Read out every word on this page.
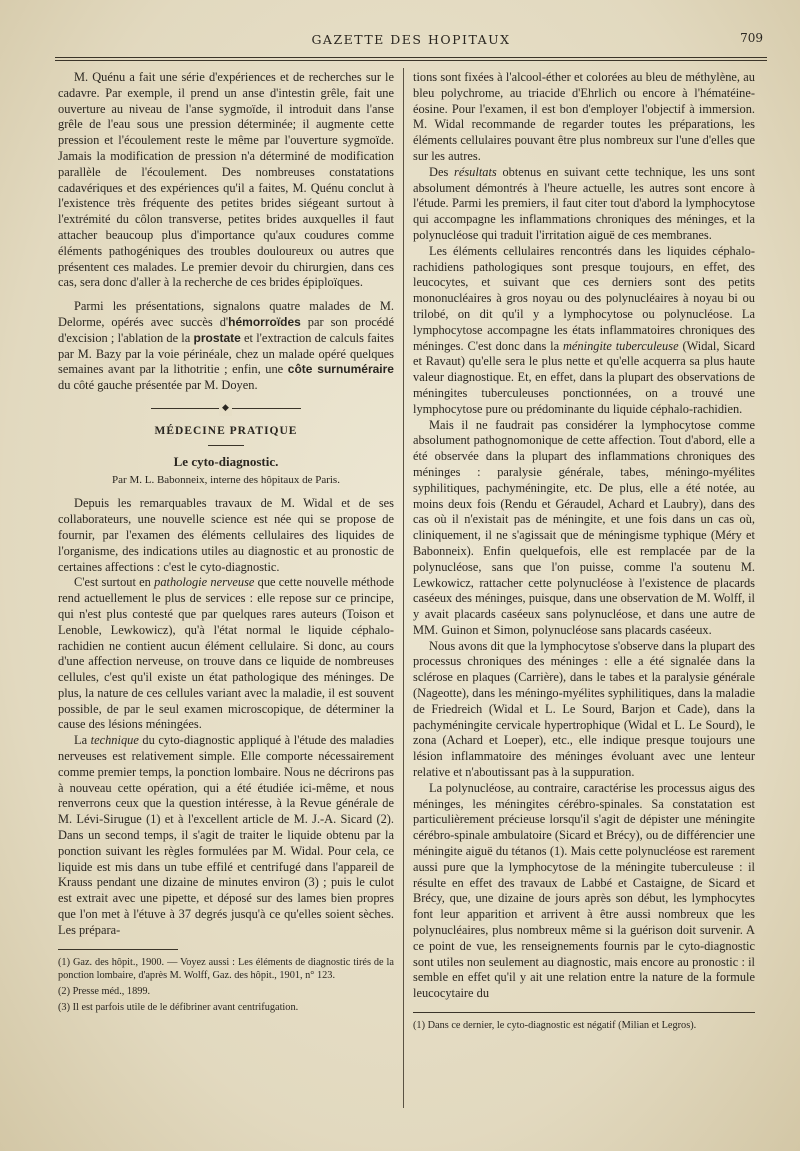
GAZETTE DES HOPITAUX	709

M. Quénu a fait une série d'expériences et de recherches sur le cadavre. Par exemple, il prend un anse d'intestin grêle, fait une ouverture au niveau de l'anse sygmoïde, il introduit dans l'anse grêle de l'eau sous une pression déterminée; il augmente cette pression et l'écoulement reste le même par l'ouverture sygmoïde. Jamais la modification de pression n'a déterminé de modification parallèle de l'écoulement. Des nombreuses constatations cadavériques et des expériences qu'il a faites, M. Quénu conclut à l'existence très fréquente des petites brides siégeant surtout à l'extrémité du côlon transverse, petites brides auxquelles il faut attacher beaucoup plus d'importance qu'aux coudures comme éléments pathogéniques des troubles douloureux ou autres que présentent ces malades. Le premier devoir du chirurgien, dans ces cas, sera donc d'aller à la recherche de ces brides épiploïques.

Parmi les présentations, signalons quatre malades de M. Delorme, opérés avec succès d'hémorroïdes par son procédé d'excision ; l'ablation de la prostate et l'extraction de calculs faites par M. Bazy par la voie périnéale, chez un malade opéré quelques semaines avant par la lithotritie ; enfin, une côte surnuméraire du côté gauche présentée par M. Doyen.

◆
MÉDECINE PRATIQUE
Le cyto-diagnostic.
Par M. L. Babonneix, interne des hôpitaux de Paris.

Depuis les remarquables travaux de M. Widal et de ses collaborateurs, une nouvelle science est née qui se propose de fournir, par l'examen des éléments cellulaires des liquides de l'organisme, des indications utiles au diagnostic et au pronostic de certaines affections : c'est le cyto-diagnostic.

C'est surtout en pathologie nerveuse que cette nouvelle méthode rend actuellement le plus de services : elle repose sur ce principe, qui n'est plus contesté que par quelques rares auteurs (Toison et Lenoble, Lewkowicz), qu'à l'état normal le liquide céphalo-rachidien ne contient aucun élément cellulaire. Si donc, au cours d'une affection nerveuse, on trouve dans ce liquide de nombreuses cellules, c'est qu'il existe un état pathologique des méninges. De plus, la nature de ces cellules variant avec la maladie, il est souvent possible, de par le seul examen microscopique, de déterminer la cause des lésions méningées.

La technique du cyto-diagnostic appliqué à l'étude des maladies nerveuses est relativement simple. Elle comporte nécessairement comme premier temps, la ponction lombaire. Nous ne décrirons pas à nouveau cette opération, qui a été étudiée ici-même, et nous renverrons ceux que la question intéresse, à la Revue générale de M. Lévi-Sirugue (1) et à l'excellent article de M. J.-A. Sicard (2). Dans un second temps, il s'agit de traiter le liquide obtenu par la ponction suivant les règles formulées par M. Widal. Pour cela, ce liquide est mis dans un tube effilé et centrifugé dans l'appareil de Krauss pendant une dizaine de minutes environ (3) ; puis le culot est extrait avec une pipette, et déposé sur des lames bien propres que l'on met à l'étuve à 37 degrés jusqu'à ce qu'elles soient sèches. Les prépara-

(1) Gaz. des hôpit., 1900. — Voyez aussi : Les éléments de diagnostic tirés de la ponction lombaire, d'après M. Wolff, Gaz. des hôpit., 1901, n° 123.

(2) Presse méd., 1899.

(3) Il est parfois utile de le défibriner avant centrifugation.

tions sont fixées à l'alcool-éther et colorées au bleu de méthylène, au bleu polychrome, au triacide d'Ehrlich ou encore à l'hématéine-éosine. Pour l'examen, il est bon d'employer l'objectif à immersion. M. Widal recommande de regarder toutes les préparations, les éléments cellulaires pouvant être plus nombreux sur l'une d'elles que sur les autres.

Des résultats obtenus en suivant cette technique, les uns sont absolument démontrés à l'heure actuelle, les autres sont encore à l'étude. Parmi les premiers, il faut citer tout d'abord la lymphocytose qui accompagne les inflammations chroniques des méninges, et la polynucléose qui traduit l'irritation aiguë de ces membranes.

Les éléments cellulaires rencontrés dans les liquides céphalo-rachidiens pathologiques sont presque toujours, en effet, des leucocytes, et suivant que ces derniers sont des petits mononucléaires à gros noyau ou des polynucléaires à noyau bi ou trilobé, on dit qu'il y a lymphocytose ou polynucléose. La lymphocytose accompagne les états inflammatoires chroniques des méninges. C'est donc dans la méningite tuberculeuse (Widal, Sicard et Ravaut) qu'elle sera le plus nette et qu'elle acquerra sa plus haute valeur diagnostique. Et, en effet, dans la plupart des observations de méningites tuberculeuses ponctionnées, on a trouvé une lymphocytose pure ou prédominante du liquide céphalo-rachidien.

Mais il ne faudrait pas considérer la lymphocytose comme absolument pathognomonique de cette affection. Tout d'abord, elle a été observée dans la plupart des inflammations chroniques des méninges : paralysie générale, tabes, méningo-myélites syphilitiques, pachyméningite, etc. De plus, elle a été notée, au moins deux fois (Rendu et Géraudel, Achard et Laubry), dans des cas où il n'existait pas de méningite, et une fois dans un cas où, cliniquement, il ne s'agissait que de méningisme typhique (Méry et Babonneix). Enfin quelquefois, elle est remplacée par de la polynucléose, sans que l'on puisse, comme l'a soutenu M. Lewkowicz, rattacher cette polynucléose à l'existence de placards caséeux des méninges, puisque, dans une observation de M. Wolff, il y avait placards caséeux sans polynucléose, et dans une autre de MM. Guinon et Simon, polynucléose sans placards caséeux.

Nous avons dit que la lymphocytose s'observe dans la plupart des processus chroniques des méninges : elle a été signalée dans la sclérose en plaques (Carrière), dans le tabes et la paralysie générale (Nageotte), dans les méningo-myélites syphilitiques, dans la maladie de Friedreich (Widal et L. Le Sourd, Barjon et Cade), dans la pachyméningite cervicale hypertrophique (Widal et L. Le Sourd), le zona (Achard et Loeper), etc., elle indique presque toujours une lésion inflammatoire des méninges évoluant avec une lenteur relative et n'aboutissant pas à la suppuration.

La polynucléose, au contraire, caractérise les processus aigus des méninges, les méningites cérébro-spinales. Sa constatation est particulièrement précieuse lorsqu'il s'agit de dépister une méningite cérébro-spinale ambulatoire (Sicard et Brécy), ou de différencier une méningite aiguë du tétanos (1). Mais cette polynucléose est rarement aussi pure que la lymphocytose de la méningite tuberculeuse : il résulte en effet des travaux de Labbé et Castaigne, de Sicard et Brécy, que, une dizaine de jours après son début, les lymphocytes font leur apparition et arrivent à être aussi nombreux que les polynucléaires, plus nombreux même si la guérison doit survenir. A ce point de vue, les renseignements fournis par le cyto-diagnostic sont utiles non seulement au diagnostic, mais encore au pronostic : il semble en effet qu'il y ait une relation entre la nature de la formule leucocytaire du

(1) Dans ce dernier, le cyto-diagnostic est négatif (Milian et Legros).
